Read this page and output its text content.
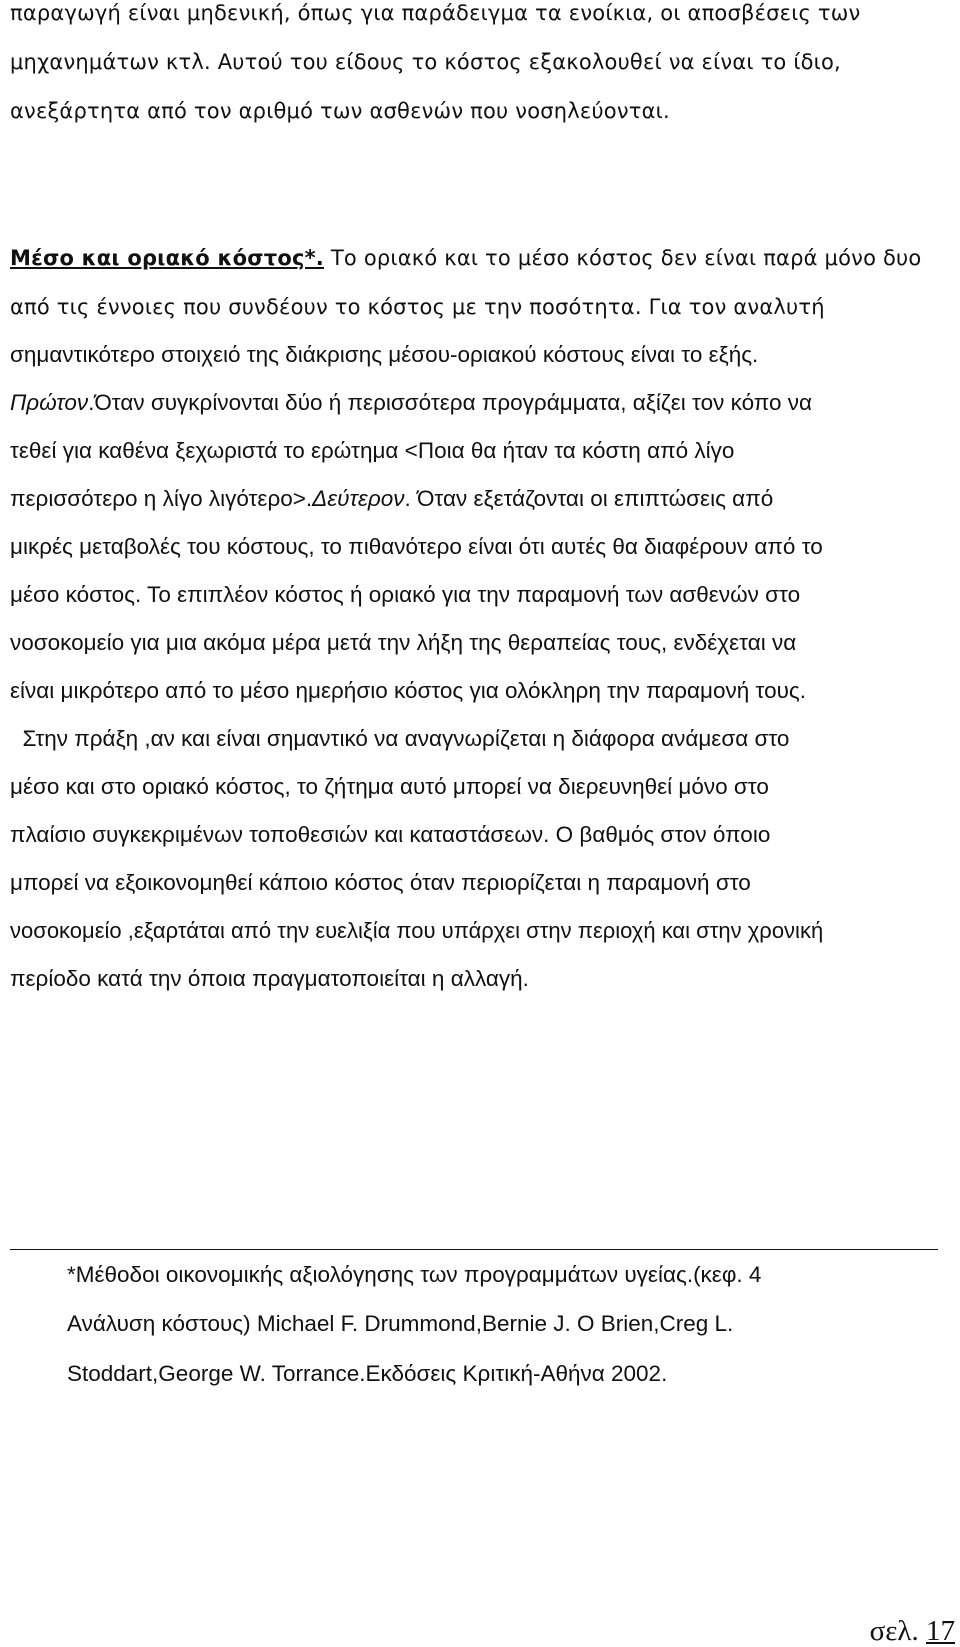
παραγωγή είναι μηδενική, όπως για παράδειγμα τα ενοίκια, οι αποσβέσεις των
μηχανημάτων κτλ. Αυτού του είδους το κόστος εξακολουθεί να είναι το ίδιο,
ανεξάρτητα από τον αριθμό των ασθενών που νοσηλεύονται.
Μέσο και οριακό κόστος*. Το οριακό και το μέσο κόστος δεν είναι παρά μόνο δυο
από τις έννοιες που συνδέουν το κόστος με την ποσότητα. Για τον αναλυτή
σημαντικότερο στοιχειό της διάκρισης μέσου-οριακού κόστους είναι το εξής.
Πρώτον.Όταν συγκρίνονται δύο ή περισσότερα προγράμματα, αξίζει τον κόπο να
τεθεί για καθένα ξεχωριστά το ερώτημα <Ποια θα ήταν τα κόστη από λίγο
περισσότερο η λίγο λιγότερο>.Δεύτερον. Όταν εξετάζονται οι επιπτώσεις από
μικρές μεταβολές του κόστους, το πιθανότερο είναι ότι αυτές θα διαφέρουν από το
μέσο κόστος. Το επιπλέον κόστος ή οριακό για την παραμονή των ασθενών στο
νοσοκομείο για μια ακόμα μέρα μετά την λήξη της θεραπείας τους, ενδέχεται να
είναι μικρότερο από το μέσο ημερήσιο κόστος για ολόκληρη την παραμονή τους.
Στην πράξη ,αν και είναι σημαντικό να αναγνωρίζεται η διάφορα ανάμεσα στο
μέσο και στο οριακό κόστος, το ζήτημα αυτό μπορεί να διερευνηθεί μόνο στο
πλαίσιο συγκεκριμένων τοποθεσιών και καταστάσεων. Ο βαθμός στον όποιο
μπορεί να εξοικονομηθεί κάποιο κόστος όταν περιορίζεται η παραμονή στο
νοσοκομείο ,εξαρτάται από την ευελιξία που υπάρχει στην περιοχή και στην χρονική
περίοδο κατά την όποια πραγματοποιείται η αλλαγή.
*Μέθοδοι οικονομικής αξιολόγησης των προγραμμάτων υγείας.(κεφ. 4
Ανάλυση κόστους) Michael F. Drummond,Bernie J. O Brien,Creg L.
Stoddart,George W. Torrance.Εκδόσεις Κριτική-Αθήνα 2002.
σελ. 17
